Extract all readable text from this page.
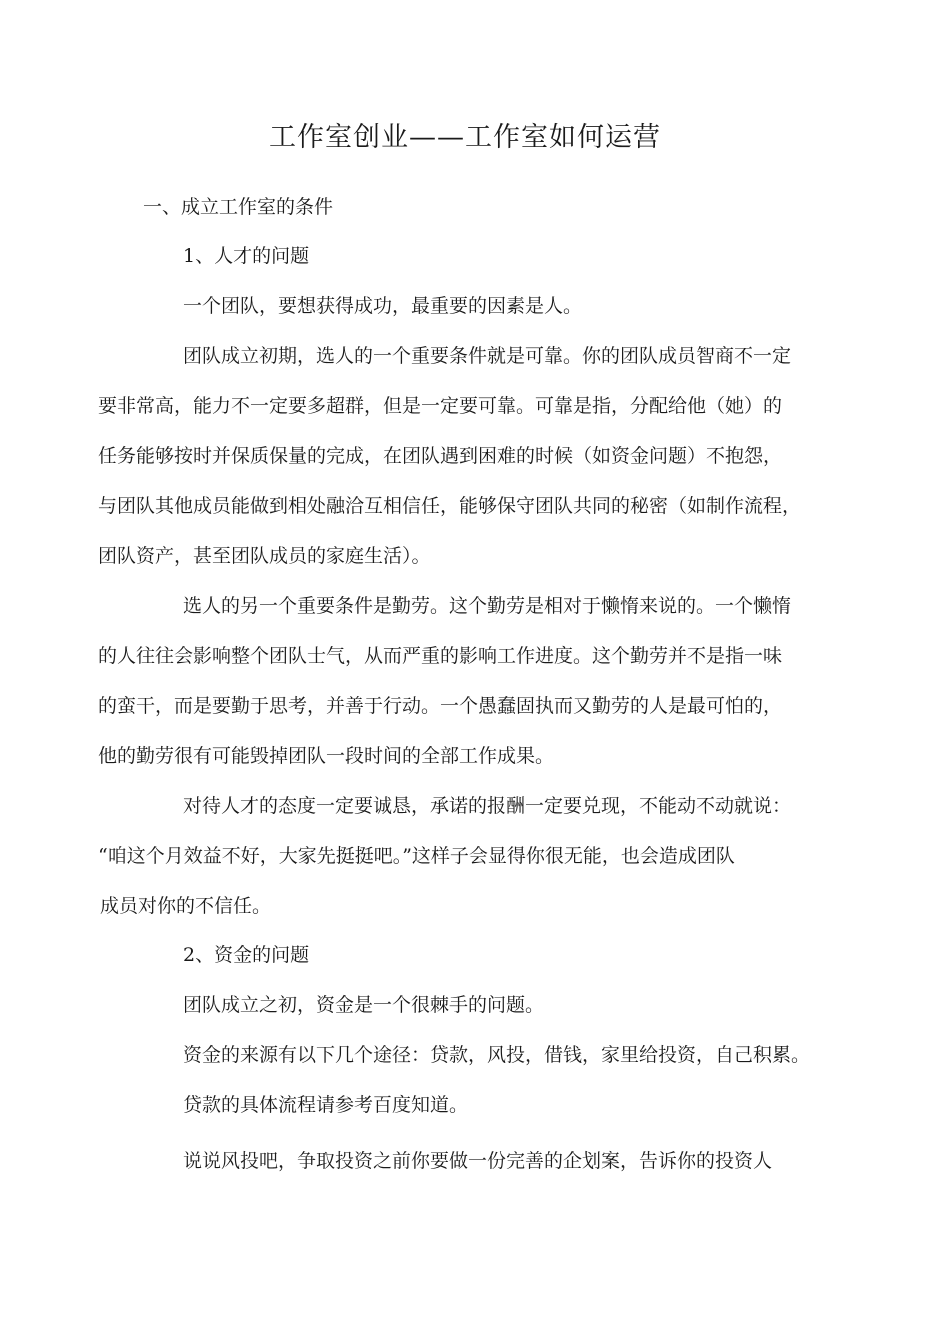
工作室创业——工作室如何运营
一、成立工作室的条件
1、人才的问题
一个团队，要想获得成功，最重要的因素是人。
团队成立初期，选人的一个重要条件就是可靠。你的团队成员智商不一定
要非常高，能力不一定要多超群，但是一定要可靠。可靠是指，分配给他（她）的
任务能够按时并保质保量的完成，在团队遇到困难的时候（如资金问题）不抱怨，
与团队其他成员能做到相处融洽互相信任，能够保守团队共同的秘密（如制作流程，
团队资产，甚至团队成员的家庭生活）。
选人的另一个重要条件是勤劳。这个勤劳是相对于懒惰来说的。一个懒惰
的人往往会影响整个团队士气，从而严重的影响工作进度。这个勤劳并不是指一味
的蛮干，而是要勤于思考，并善于行动。一个愚蠢固执而又勤劳的人是最可怕的，
他的勤劳很有可能毁掉团队一段时间的全部工作成果。
对待人才的态度一定要诚恳，承诺的报酬一定要兑现，不能动不动就说：
“咱这个月效益不好，大家先挺挺吧。”这样子会显得你很无能，也会造成团队
成员对你的不信任。
2、资金的问题
团队成立之初，资金是一个很棘手的问题。
资金的来源有以下几个途径：贷款，风投，借钱，家里给投资，自己积累。
贷款的具体流程请参考百度知道。
说说风投吧，争取投资之前你要做一份完善的企划案，告诉你的投资人
